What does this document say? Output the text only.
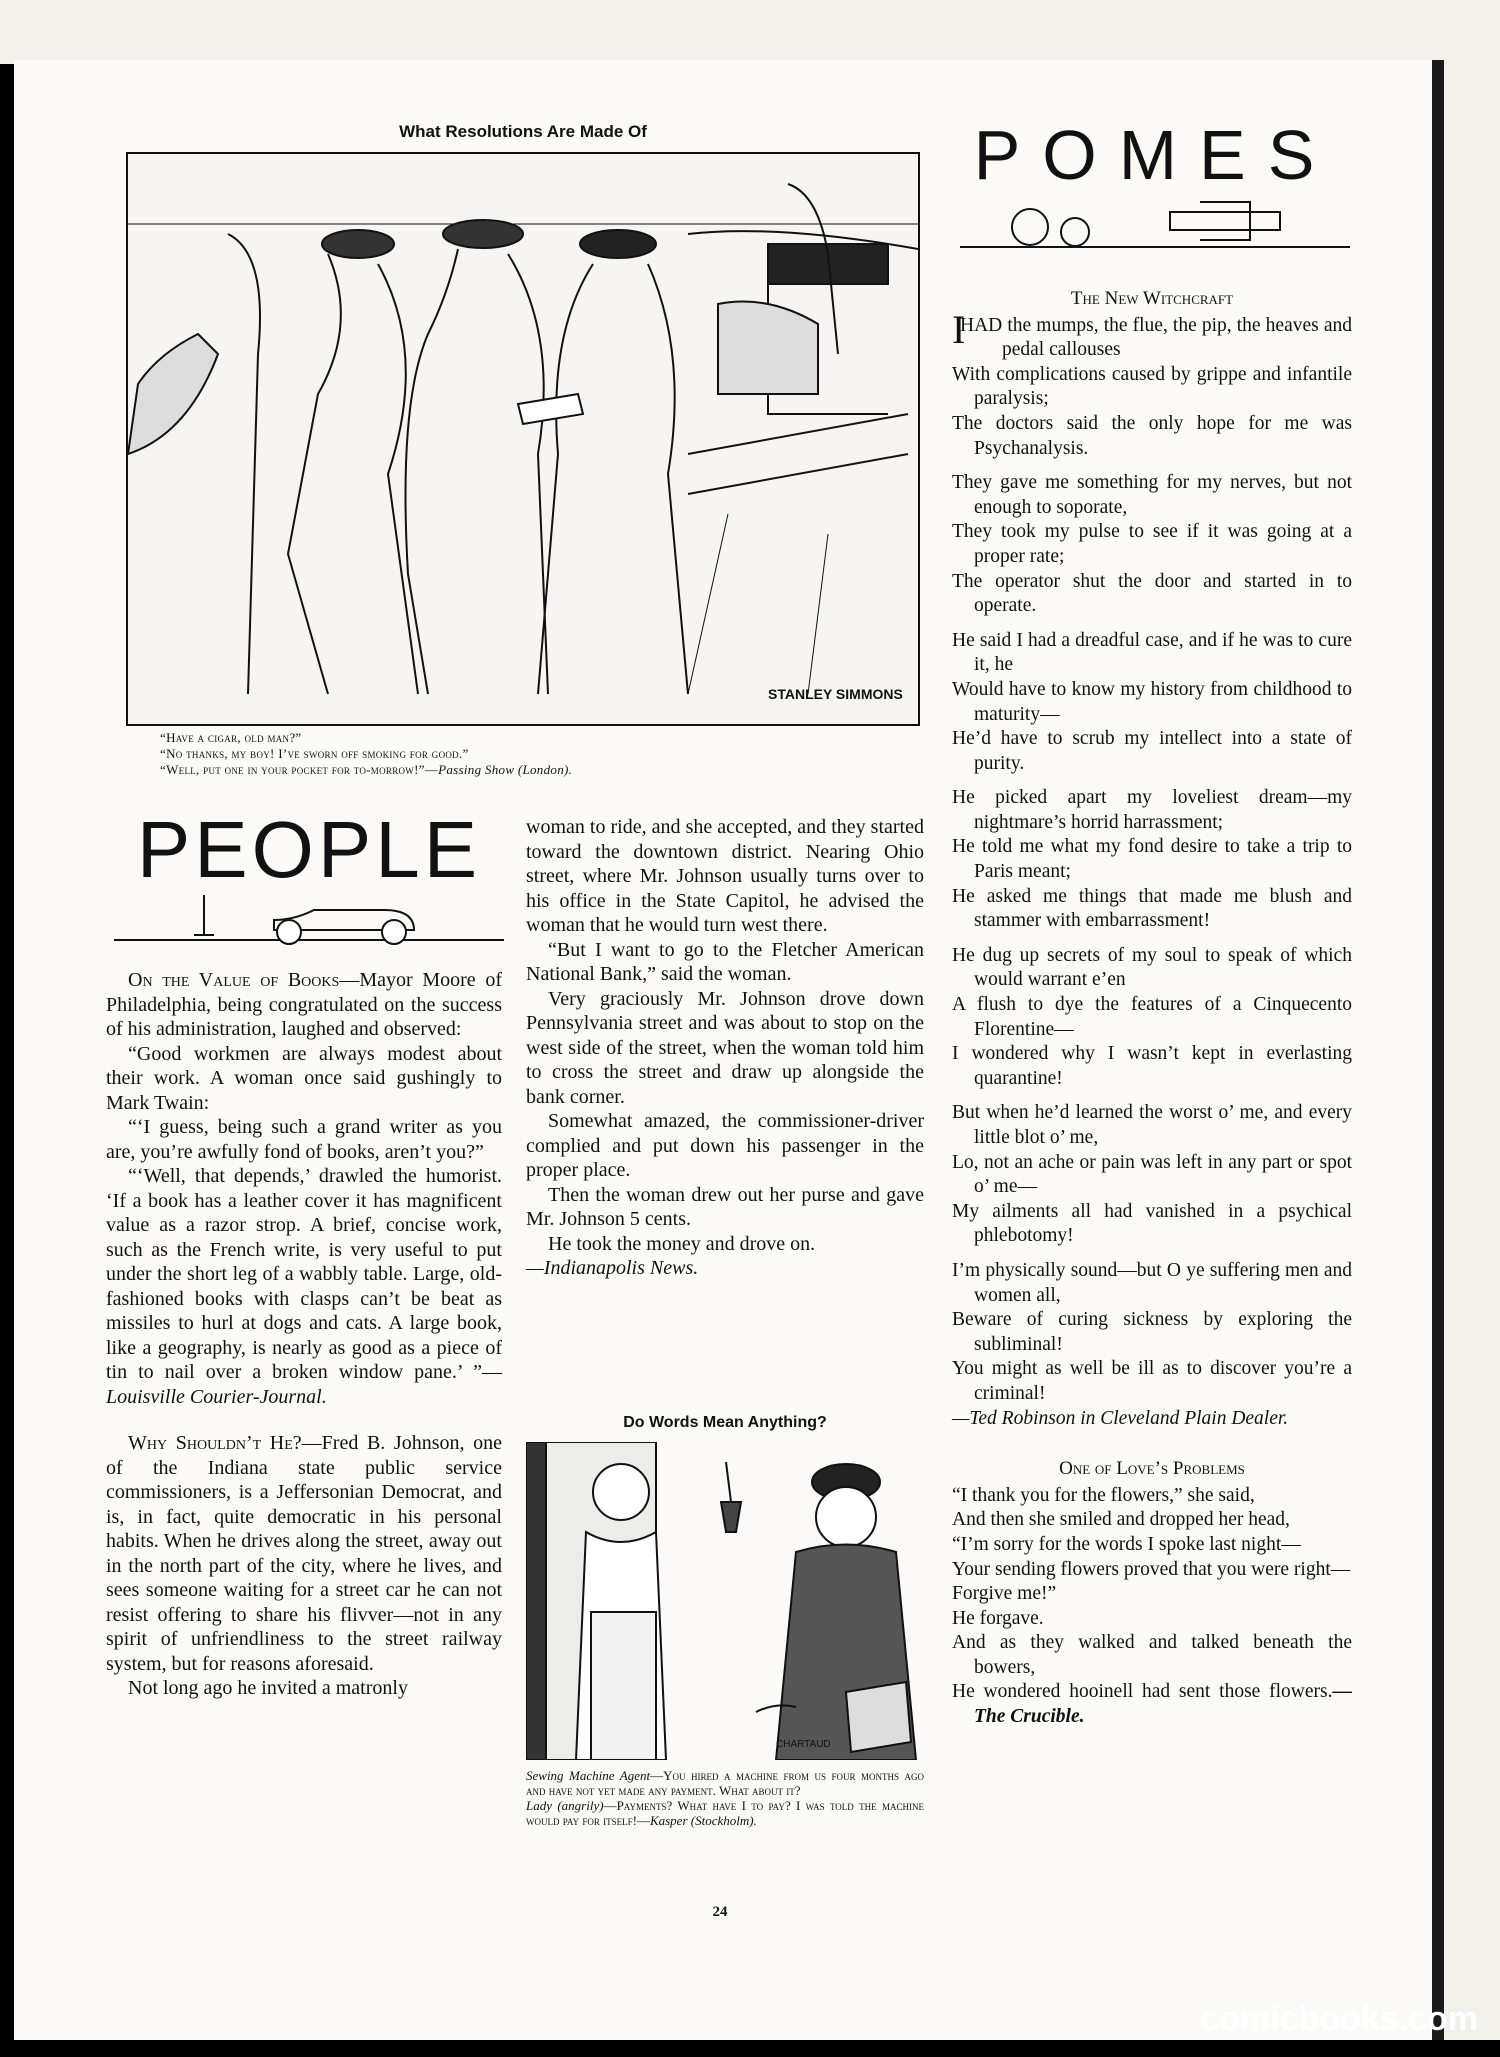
What Resolutions Are Made Of
STANLEY SIMMONS
“Have a cigar, old man?”
“No thanks, my boy! I’ve sworn off smoking for good.”
“Well, put one in your pocket for to-morrow!”—Passing Show (London).
POMES
PEOPLE

On the Value of Books—Mayor Moore of Philadelphia, being congratulated on the success of his administration, laughed and observed:

“Good workmen are always modest about their work. A woman once said gushingly to Mark Twain:

“‘I guess, being such a grand writer as you are, you’re awfully fond of books, aren’t you?”

“‘Well, that depends,’ drawled the humorist. ‘If a book has a leather cover it has magnificent value as a razor strop. A brief, concise work, such as the French write, is very useful to put under the short leg of a wabbly table. Large, old-fashioned books with clasps can’t be beat as missiles to hurl at dogs and cats. A large book, like a geography, is nearly as good as a piece of tin to nail over a broken window pane.’ ”—Louisville Courier-Journal.

Why Shouldn’t He?—Fred B. Johnson, one of the Indiana state public service commissioners, is a Jeffersonian Democrat, and is, in fact, quite democratic in his personal habits. When he drives along the street, away out in the north part of the city, where he lives, and sees someone waiting for a street car he can not resist offering to share his flivver—not in any spirit of unfriendliness to the street railway system, but for reasons aforesaid.

Not long ago he invited a matronly

woman to ride, and she accepted, and they started toward the downtown district. Nearing Ohio street, where Mr. Johnson usually turns over to his office in the State Capitol, he advised the woman that he would turn west there.

“But I want to go to the Fletcher American National Bank,” said the woman.

Very graciously Mr. Johnson drove down Pennsylvania street and was about to stop on the west side of the street, when the woman told him to cross the street and draw up alongside the bank corner.

Somewhat amazed, the commissioner-driver complied and put down his passenger in the proper place.

Then the woman drew out her purse and gave Mr. Johnson 5 cents.

He took the money and drove on.
—Indianapolis News.

Do Words Mean Anything?
CHARTAUD
Sewing Machine Agent—You hired a machine from us four months ago and have not yet made any payment. What about it?
Lady (angrily)—Payments? What have I to pay? I was told the machine would pay for itself!—Kasper (Stockholm).
The New Witchcraft

I
HAD the mumps, the flue, the pip, the heaves and pedal callouses

With complications caused by grippe and infantile paralysis;

The doctors said the only hope for me was Psychanalysis.

They gave me something for my nerves, but not enough to soporate,

They took my pulse to see if it was going at a proper rate;

The operator shut the door and started in to operate.

He said I had a dreadful case, and if he was to cure it, he

Would have to know my history from childhood to maturity—

He’d have to scrub my intellect into a state of purity.

He picked apart my loveliest dream—my nightmare’s horrid harrassment;

He told me what my fond desire to take a trip to Paris meant;

He asked me things that made me blush and stammer with embarrassment!

He dug up secrets of my soul to speak of which would warrant e’en

A flush to dye the features of a Cinquecento Florentine—

I wondered why I wasn’t kept in everlasting quarantine!

But when he’d learned the worst o’ me, and every little blot o’ me,

Lo, not an ache or pain was left in any part or spot o’ me—

My ailments all had vanished in a psychical phlebotomy!

I’m physically sound—but O ye suffering men and women all,

Beware of curing sickness by exploring the subliminal!

You might as well be ill as to discover you’re a criminal!

—Ted Robinson in Cleveland Plain Dealer.

One of Love’s Problems

“I thank you for the flowers,” she said,

And then she smiled and dropped her head,

“I’m sorry for the words I spoke last night—

Your sending flowers proved that you were right—

Forgive me!”

He forgave.

And as they walked and talked beneath the bowers,

He wondered hooinell had sent those flowers.—The Crucible.

24
comicbooks.com
